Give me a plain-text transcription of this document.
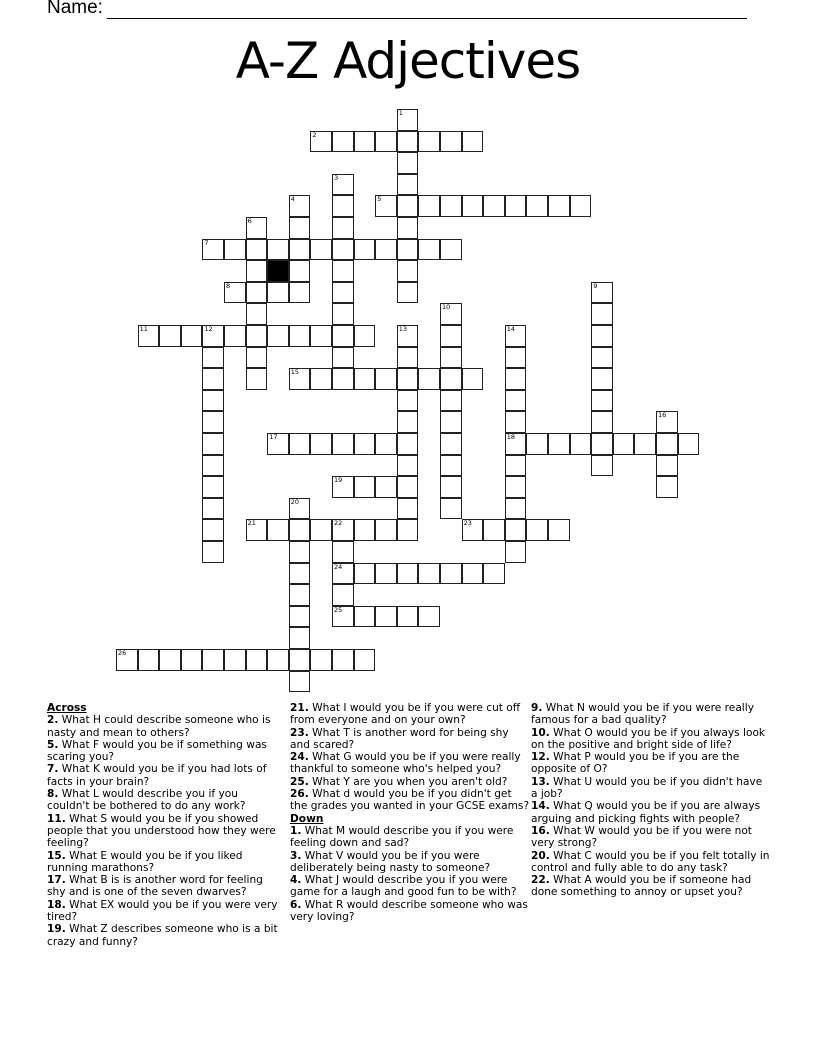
Name:
A-Z Adjectives
1
2
3
4	5
6
7
8	9
10
11	12	13	14
18
15
16
17
19
20
21	22
24
25
23
26
Across
2. What H could describe someone who is nasty and mean to others?
5. What F would you be if something was scaring you?
7. What K would you be if you had lots of facts in your brain?
8. What L would describe you if you couldn't be bothered to do any work?
11. What S would you be if you showed people that you understood how they were feeling?
15. What E would you be if you liked running marathons?
17. What B is is another word for feeling shy and is one of the seven dwarves?
18. What EX would you be if you were very tired?
19. What Z describes someone who is a bit crazy and funny?
21. What I would you be if you were cut off from everyone and on your own?
23. What T is another word for being shy and scared?
24. What G would you be if you were really thankful to someone who's helped you?
25. What Y are you when you aren't old?
26. What d would you be if you didn't get the grades you wanted in your GCSE exams?
Down
1. What M would describe you if you were feeling down and sad?
3. What V would you be if you were deliberately being nasty to someone?
4. What J would describe you if you were game for a laugh and good fun to be with?
6. What R would describe someone who was very loving?
9. What N would you be if you were really famous for a bad quality?
10. What O would you be if you always look on the positive and bright side of life?
12. What P would you be if you are the opposite of O?
13. What U would you be if you didn't have a job?
14. What Q would you be if you are always arguing and picking fights with people?
16. What W would you be if you were not very strong?
20. What C would you be if you felt totally in control and fully able to do any task?
22. What A would you be if someone had done something to annoy or upset you?
